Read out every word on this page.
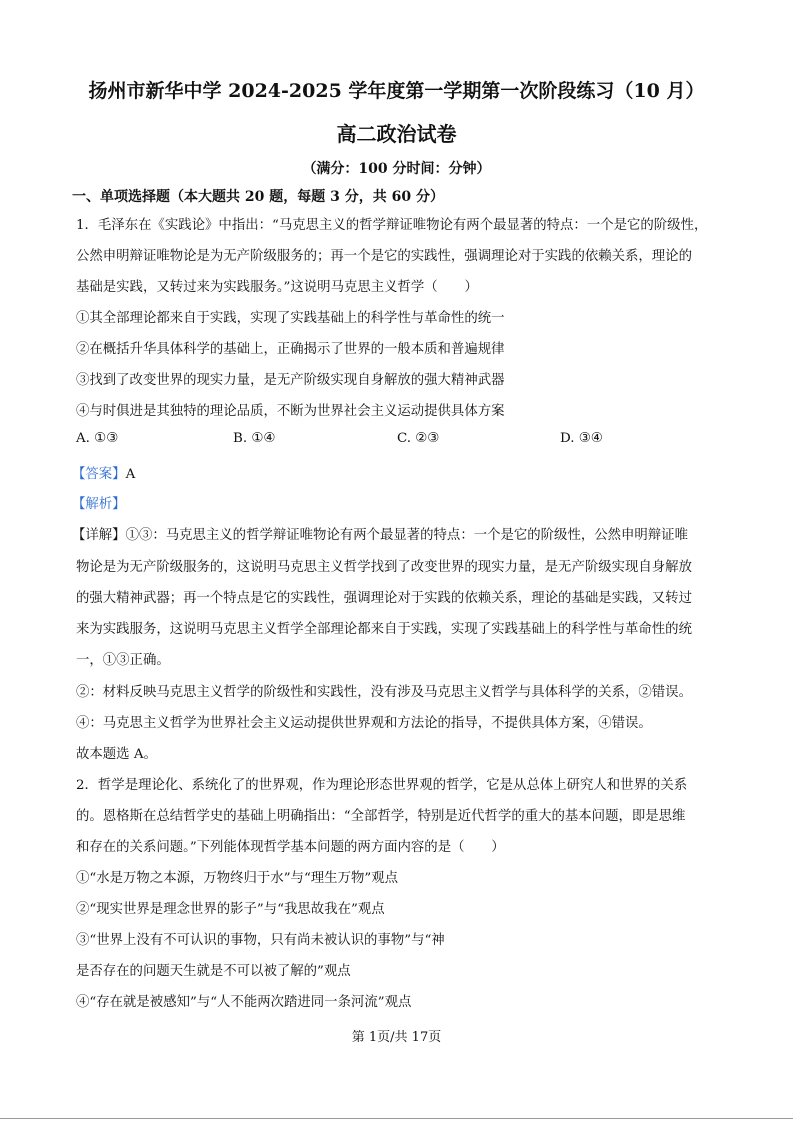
扬州市新华中学 2024-2025 学年度第一学期第一次阶段练习（10 月）
高二政治试卷
（满分：100 分时间：分钟）
一、单项选择题（本大题共 20 题，每题 3 分，共 60 分）
1．毛泽东在《实践论》中指出：“马克思主义的哲学辩证唯物论有两个最显著的特点：一个是它的阶级性，
公然申明辩证唯物论是为无产阶级服务的；再一个是它的实践性，强调理论对于实践的依赖关系，理论的
基础是实践，又转过来为实践服务。”这说明马克思主义哲学（　　）
①其全部理论都来自于实践，实现了实践基础上的科学性与革命性的统一
②在概括升华具体科学的基础上，正确揭示了世界的一般本质和普遍规律
③找到了改变世界的现实力量，是无产阶级实现自身解放的强大精神武器
④与时俱进是其独特的理论品质，不断为世界社会主义运动提供具体方案
A. ①③	B. ①④	C. ②③	D. ③④
【答案】A
【解析】
【详解】①③：马克思主义的哲学辩证唯物论有两个最显著的特点：一个是它的阶级性，公然申明辩证唯
物论是为无产阶级服务的，这说明马克思主义哲学找到了改变世界的现实力量，是无产阶级实现自身解放
的强大精神武器；再一个特点是它的实践性，强调理论对于实践的依赖关系，理论的基础是实践，又转过
来为实践服务，这说明马克思主义哲学全部理论都来自于实践，实现了实践基础上的科学性与革命性的统
一，①③正确。
②：材料反映马克思主义哲学的阶级性和实践性，没有涉及马克思主义哲学与具体科学的关系，②错误。
④：马克思主义哲学为世界社会主义运动提供世界观和方法论的指导，不提供具体方案，④错误。
故本题选 A。
2．哲学是理论化、系统化了的世界观，作为理论形态世界观的哲学，它是从总体上研究人和世界的关系
的。恩格斯在总结哲学史的基础上明确指出：“全部哲学，特别是近代哲学的重大的基本问题，即是思维
和存在的关系问题。”下列能体现哲学基本问题的两方面内容的是（　　）
①“水是万物之本源，万物终归于水”与“理生万物”观点
②“现实世界是理念世界的影子”与“我思故我在”观点
③“世界上没有不可认识的事物，只有尚未被认识的事物”与“神
是否存在的问题天生就是不可以被了解的”观点
④“存在就是被感知”与“人不能两次踏进同一条河流”观点
第 1页/共 17页
